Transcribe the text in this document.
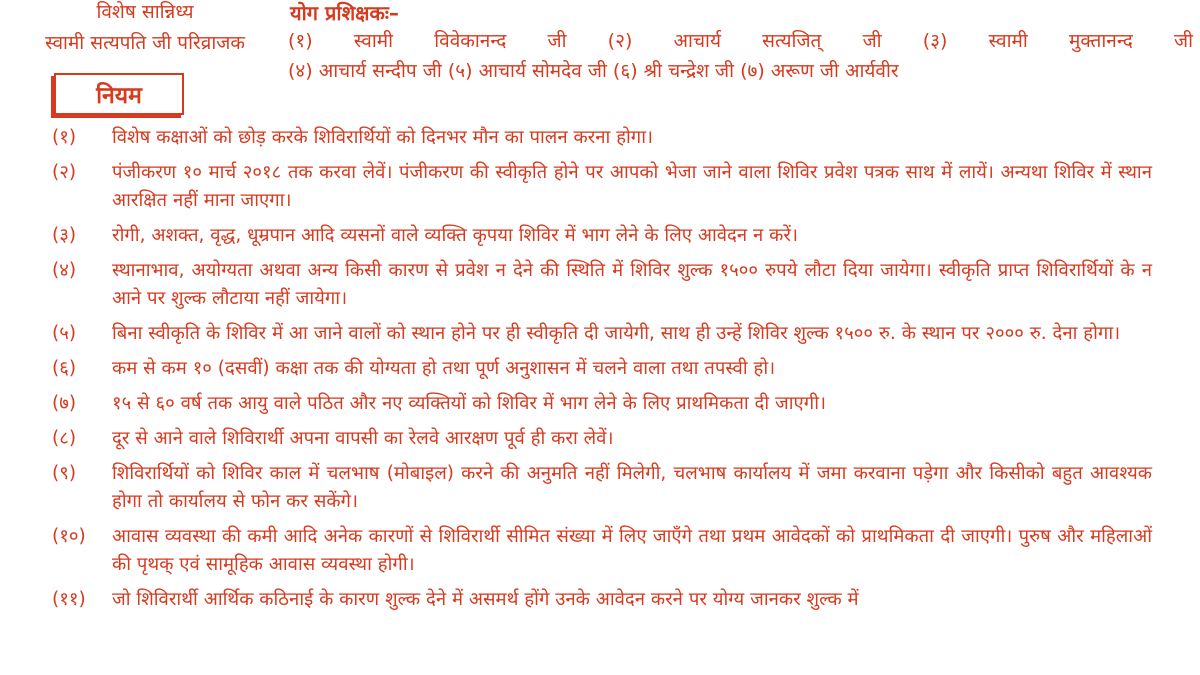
विशेष सान्निध्य
स्वामी सत्यपति जी परिव्राजक
योग प्रशिक्षकः–
(१) स्वामी विवेकानन्द जी (२) आचार्य सत्यजित् जी (३) स्वामी मुक्तानन्द जी
(४) आचार्य सन्दीप जी (५) आचार्य सोमदेव जी (६) श्री चन्द्रेश जी (७) अरूण जी आर्यवीर
नियम
(१)	विशेष कक्षाओं को छोड़ करके शिविरार्थियों को दिनभर मौन का पालन करना होगा।
(२)	पंजीकरण १० मार्च २०१८ तक करवा लेवें। पंजीकरण की स्वीकृति होने पर आपको भेजा जाने वाला शिविर प्रवेश पत्रक साथ में लायें। अन्यथा शिविर में स्थान आरक्षित नहीं माना जाएगा।
(३)	रोगी, अशक्त, वृद्ध, धूम्रपान आदि व्यसनों वाले व्यक्ति कृपया शिविर में भाग लेने के लिए आवेदन न करें।
(४)	स्थानाभाव, अयोग्यता अथवा अन्य किसी कारण से प्रवेश न देने की स्थिति में शिविर शुल्क १५०० रुपये लौटा दिया जायेगा। स्वीकृति प्राप्त शिविरार्थियों के न आने पर शुल्क लौटाया नहीं जायेगा।
(५)	बिना स्वीकृति के शिविर में आ जाने वालों को स्थान होने पर ही स्वीकृति दी जायेगी, साथ ही उन्हें शिविर शुल्क १५०० रु. के स्थान पर २००० रु. देना होगा।
(६)	कम से कम १० (दसवीं) कक्षा तक की योग्यता हो तथा पूर्ण अनुशासन में चलने वाला तथा तपस्वी हो।
(७)	१५ से ६० वर्ष तक आयु वाले पठित और नए व्यक्तियों को शिविर में भाग लेने के लिए प्राथमिकता दी जाएगी।
(८)	दूर से आने वाले शिविरार्थी अपना वापसी का रेलवे आरक्षण पूर्व ही करा लेवें।
(९)	शिविरार्थियों को शिविर काल में चलभाष (मोबाइल) करने की अनुमति नहीं मिलेगी, चलभाष कार्यालय में जमा करवाना पड़ेगा और किसीको बहुत आवश्यक होगा तो कार्यालय से फोन कर सकेंगे।
(१०)	आवास व्यवस्था की कमी आदि अनेक कारणों से शिविरार्थी सीमित संख्या में लिए जाएँगे तथा प्रथम आवेदकों को प्राथमिकता दी जाएगी। पुरुष और महिलाओं की पृथक् एवं सामूहिक आवास व्यवस्था होगी।
(११)	जो शिविरार्थी आर्थिक कठिनाई के कारण शुल्क देने में असमर्थ होंगे उनके आवेदन करने पर योग्य जानकर शुल्क में
